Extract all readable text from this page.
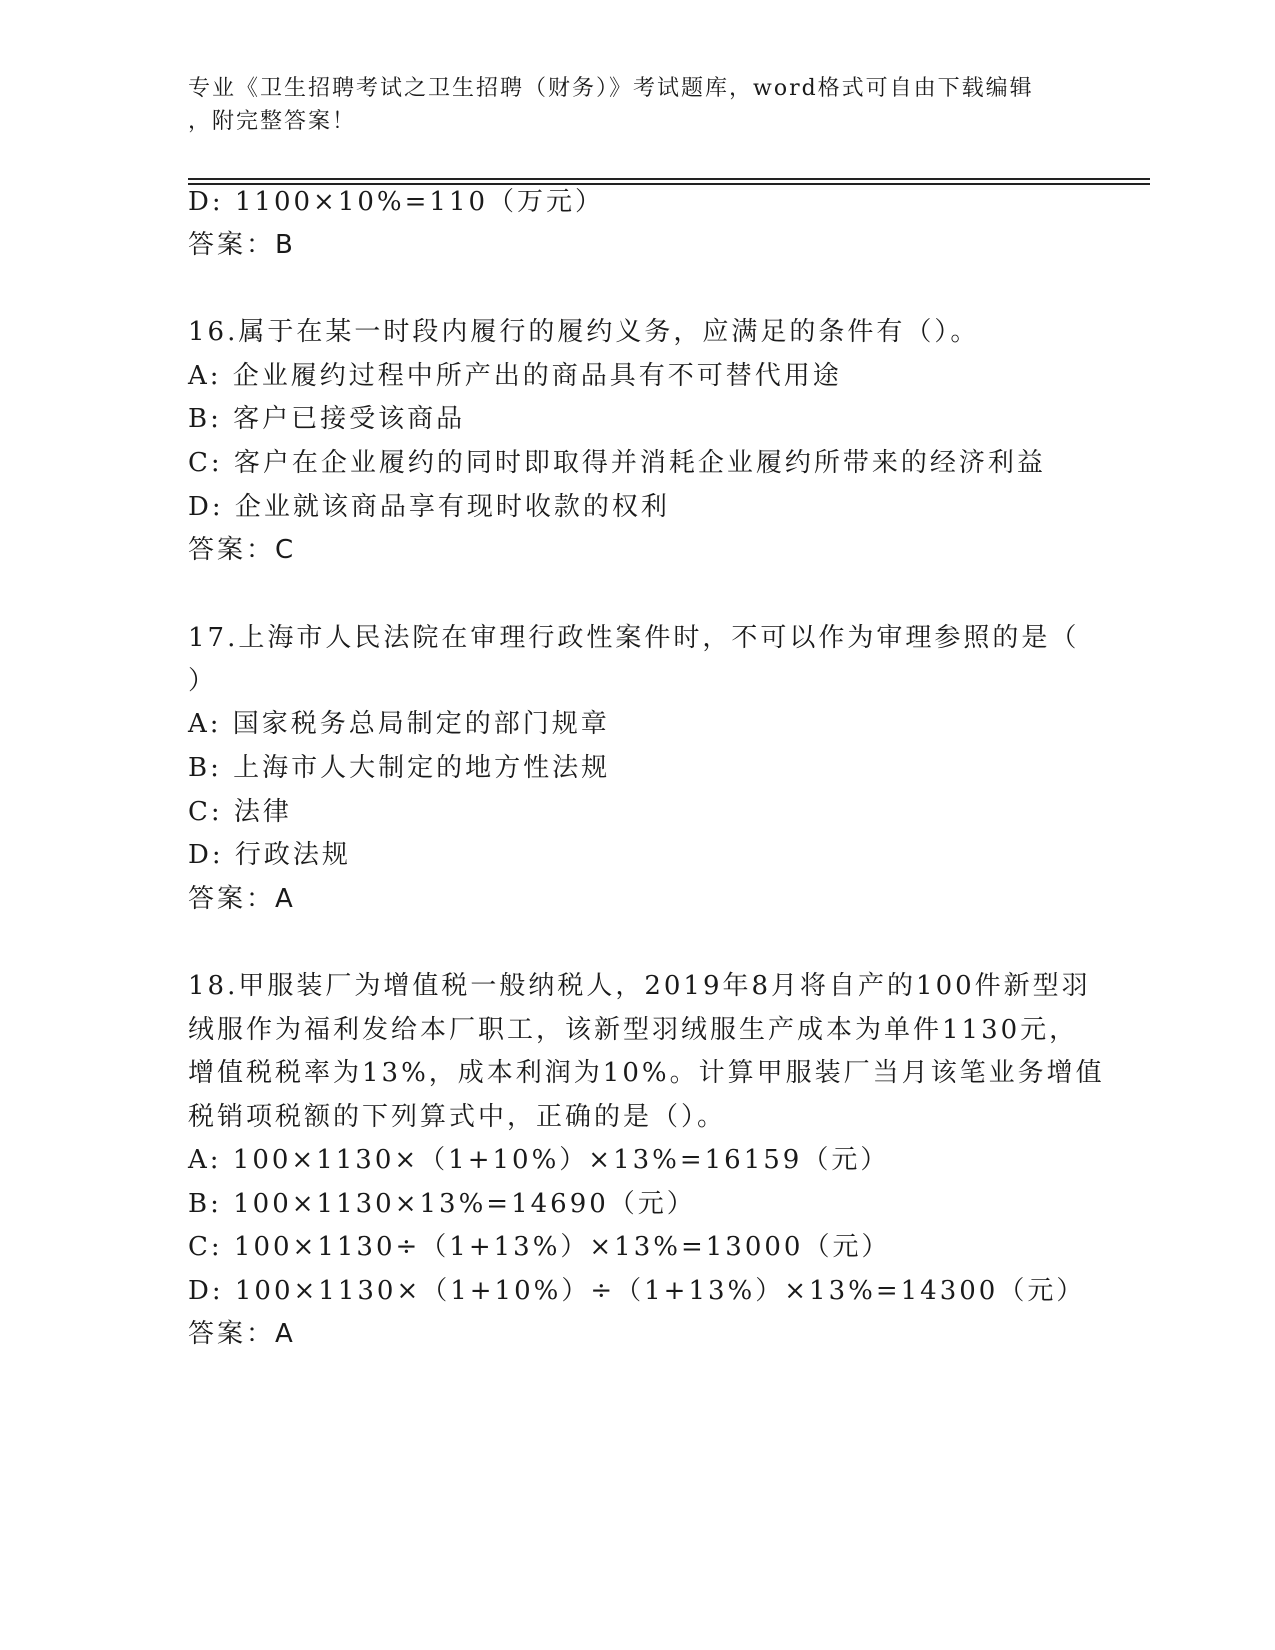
专业《卫生招聘考试之卫生招聘（财务）》考试题库，word格式可自由下载编辑
，附完整答案！

D: 1100×10%=110（万元）

答案：B

16.属于在某一时段内履行的履约义务，应满足的条件有（）。

A: 企业履约过程中所产出的商品具有不可替代用途

B: 客户已接受该商品

C: 客户在企业履约的同时即取得并消耗企业履约所带来的经济利益

D: 企业就该商品享有现时收款的权利

答案：C

17.上海市人民法院在审理行政性案件时，不可以作为审理参照的是（

）

A: 国家税务总局制定的部门规章

B: 上海市人大制定的地方性法规

C: 法律

D: 行政法规

答案：A

18.甲服装厂为增值税一般纳税人，2019年8月将自产的100件新型羽

绒服作为福利发给本厂职工，该新型羽绒服生产成本为单件1130元，

增值税税率为13%，成本利润为10%。计算甲服装厂当月该笔业务增值

税销项税额的下列算式中，正确的是（）。

A: 100×1130×（1+10%）×13%=16159（元）

B: 100×1130×13%=14690（元）

C: 100×1130÷（1+13%）×13%=13000（元）

D: 100×1130×（1+10%）÷（1+13%）×13%=14300（元）

答案：A
